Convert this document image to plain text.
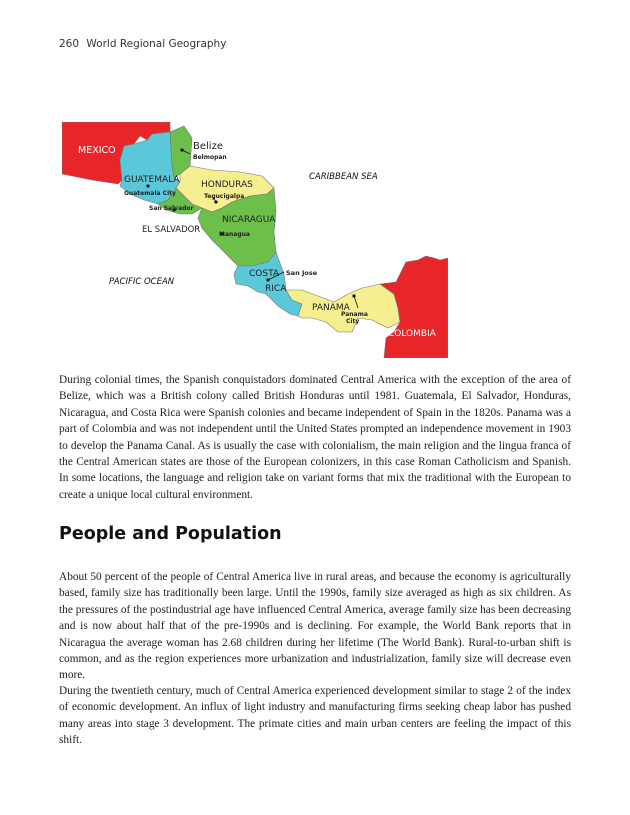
260 World Regional Geography
MEXICO	Belize
GUATEMALA HONDURAS
NICARAGUA
EL SALVADOR
COSTA
RICA
PANAMA
COLOMBIA
Belmopan
Guatemala City	Tegucigalpa
San Salvador
Managua
San Jose
Panama
City
CARIBBEAN SEA
PACIFIC OCEAN

During colonial times, the Spanish conquistadors dominated Central America with the exception of the area of Belize, which was a British colony called British Honduras until 1981. Guatemala, El Salvador, Honduras, Nicaragua, and Costa Rica were Spanish colonies and became independent of Spain in the 1820s. Panama was a part of Colombia and was not independent until the United States prompted an independence movement in 1903 to develop the Panama Canal. As is usually the case with colonialism, the main religion and the lingua franca of the Central American states are those of the European colonizers, in this case Roman Catholicism and Spanish. In some locations, the language and religion take on variant forms that mix the traditional with the European to create a unique local cultural environment.

People and Population

About 50 percent of the people of Central America live in rural areas, and because the economy is agriculturally based, family size has traditionally been large. Until the 1990s, family size averaged as high as six children. As the pressures of the postindustrial age have influenced Central America, average family size has been decreasing and is now about half that of the pre-1990s and is declining. For example, the World Bank reports that in Nicaragua the average woman has 2.68 children during her lifetime (The World Bank). Rural-to-urban shift is common, and as the region experiences more urbanization and industrialization, family size will decrease even more.

During the twentieth century, much of Central America experienced development similar to stage 2 of the index of economic development. An influx of light industry and manufacturing firms seeking cheap labor has pushed many areas into stage 3 development. The primate cities and main urban centers are feeling the impact of this shift.
